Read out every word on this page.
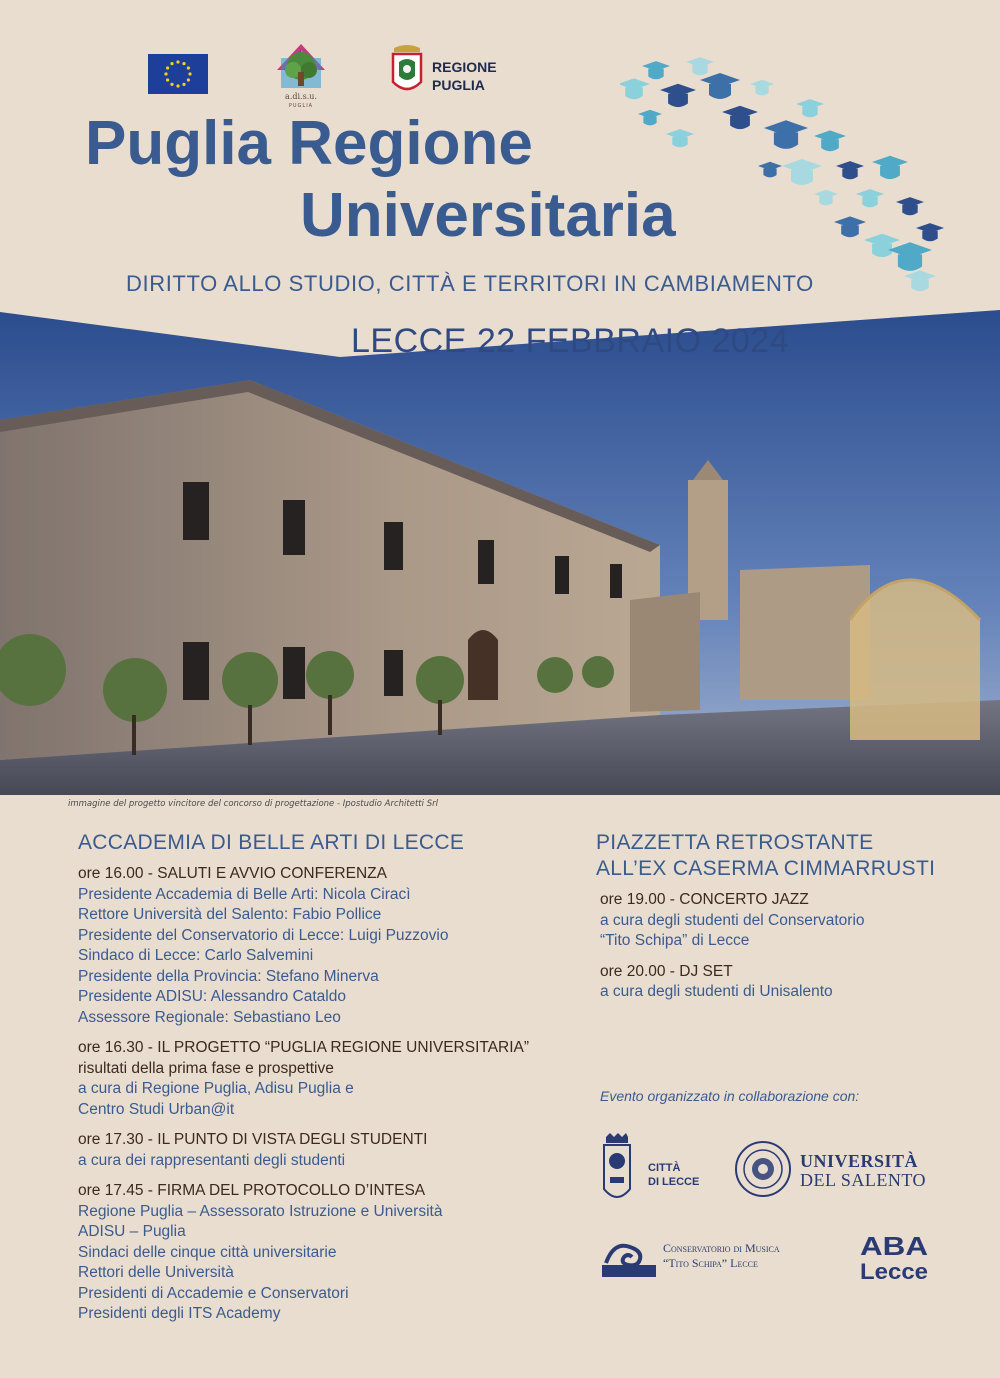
a.di.s.u.
PUGLIA
REGIONE
PUGLIA
Puglia Regione
Universitaria
DIRITTO ALLO STUDIO, CITTÀ E TERRITORI IN CAMBIAMENTO
LECCE 22 FEBBRAIO 2024
immagine del progetto vincitore del concorso di progettazione - Ipostudio Architetti Srl
ACCADEMIA DI BELLE ARTI DI LECCE
ore 16.00 - SALUTI E AVVIO CONFERENZA
Presidente Accademia di Belle Arti: Nicola Ciracì
Rettore Università del Salento: Fabio Pollice
Presidente del Conservatorio di Lecce: Luigi Puzzovio
Sindaco di Lecce: Carlo Salvemini
Presidente della Provincia: Stefano Minerva
Presidente ADISU: Alessandro Cataldo
Assessore Regionale: Sebastiano Leo
ore 16.30 - IL PROGETTO “PUGLIA REGIONE UNIVERSITARIA”
risultati della prima fase e prospettive
a cura di Regione Puglia, Adisu Puglia e
Centro Studi Urban@it
ore 17.30 - IL PUNTO DI VISTA DEGLI STUDENTI
a cura dei rappresentanti degli studenti
ore 17.45 - FIRMA DEL PROTOCOLLO D’INTESA
Regione Puglia – Assessorato Istruzione e Università
ADISU – Puglia
Sindaci delle cinque città universitarie
Rettori delle Università
Presidenti di Accademie e Conservatori
Presidenti degli ITS Academy
PIAZZETTA RETROSTANTE
ALL’EX CASERMA CIMMARRUSTI
ore 19.00 - CONCERTO JAZZ
a cura degli studenti del Conservatorio
“Tito Schipa” di Lecce
ore 20.00 - DJ SET
a cura degli studenti di Unisalento
Evento organizzato in collaborazione con:
CITTÀ
DI LECCE
UNIVERSITÀ
DEL SALENTO
Conservatorio di Musica
“Tito Schipa” Lecce
ABA
Lecce
